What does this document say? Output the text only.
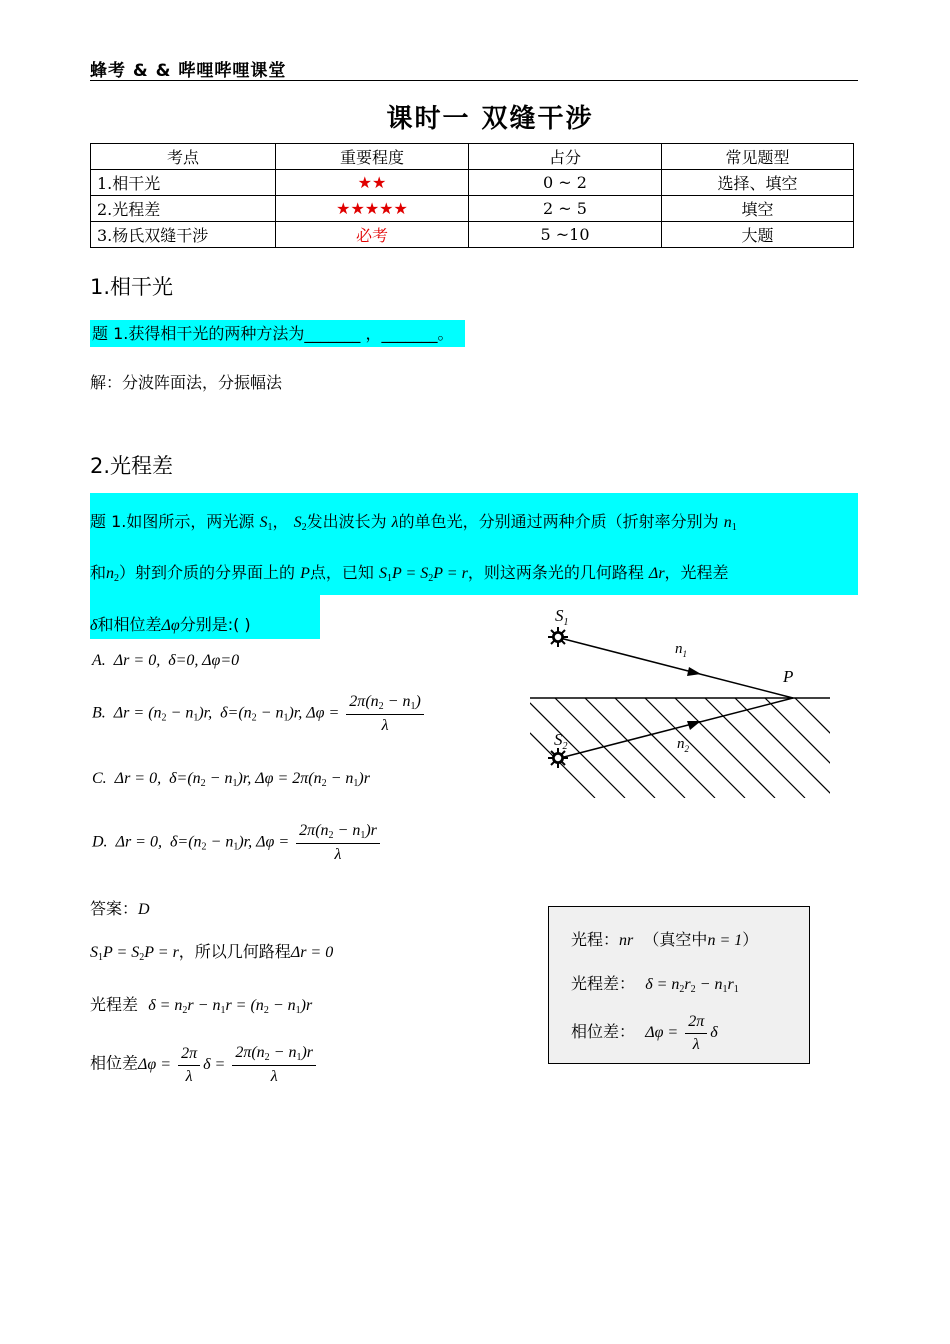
蜂考 & & 哔哩哔哩课堂
课时一 双缝干涉
考点	重要程度	占分	常见题型
1.相干光	★★	0 ~ 2	选择、填空
2.光程差	★★★★★	2 ~ 5	填空
3.杨氏双缝干涉	必考	5 ~10	大题
1.相干光
题 1.获得相干光的两种方法为_______ ，_______。
解：分波阵面法，分振幅法
2.光程差
题 1.如图所示，两光源 $S_1$， $S_2$发出波长为 λ的单色光，分别通过两种介质（折射率分别为 $n_1$
和$n_2$）射到介质的分界面上的 P点，已知 $S_1P = S_2P = r$，则这两条光的几何路程 Δr，光程差
δ和相位差Δφ分别是:( )
A.  Δr = 0,  δ=0, Δφ=0
B.  $\Delta r = (n_2 - n_1)r$,  $\delta=(n_2 - n_1)r$, $\Delta\varphi = \frac{2\pi(n_2 - n_1)}{\lambda}$
C.  Δr = 0,  $\delta=(n_2 - n_1)r$, $\Delta\varphi = 2\pi(n_2 - n_1)r$
D.  Δr = 0,  $\delta=(n_2 - n_1)r$, $\Delta\varphi = \frac{2\pi(n_2 - n_1)r}{\lambda}$
答案：D
$S_1P = S_2P = r$，所以几何路程Δr = 0
光程差 $\delta = n_2r - n_1r = (n_2 - n_1)r$
相位差$\Delta\varphi = \frac{2\pi}{\lambda}$ $\delta = \frac{2\pi(n_2 - n_1)r}{\lambda}$
光程：nr （真空中n = 1）
光程差： $\delta = n_2r_2 - n_1r_1$
相位差： $\Delta\varphi = \frac{2\pi}{\lambda}$ δ
$S_1$
$S_2$
$n_1$
$n_2$
P
